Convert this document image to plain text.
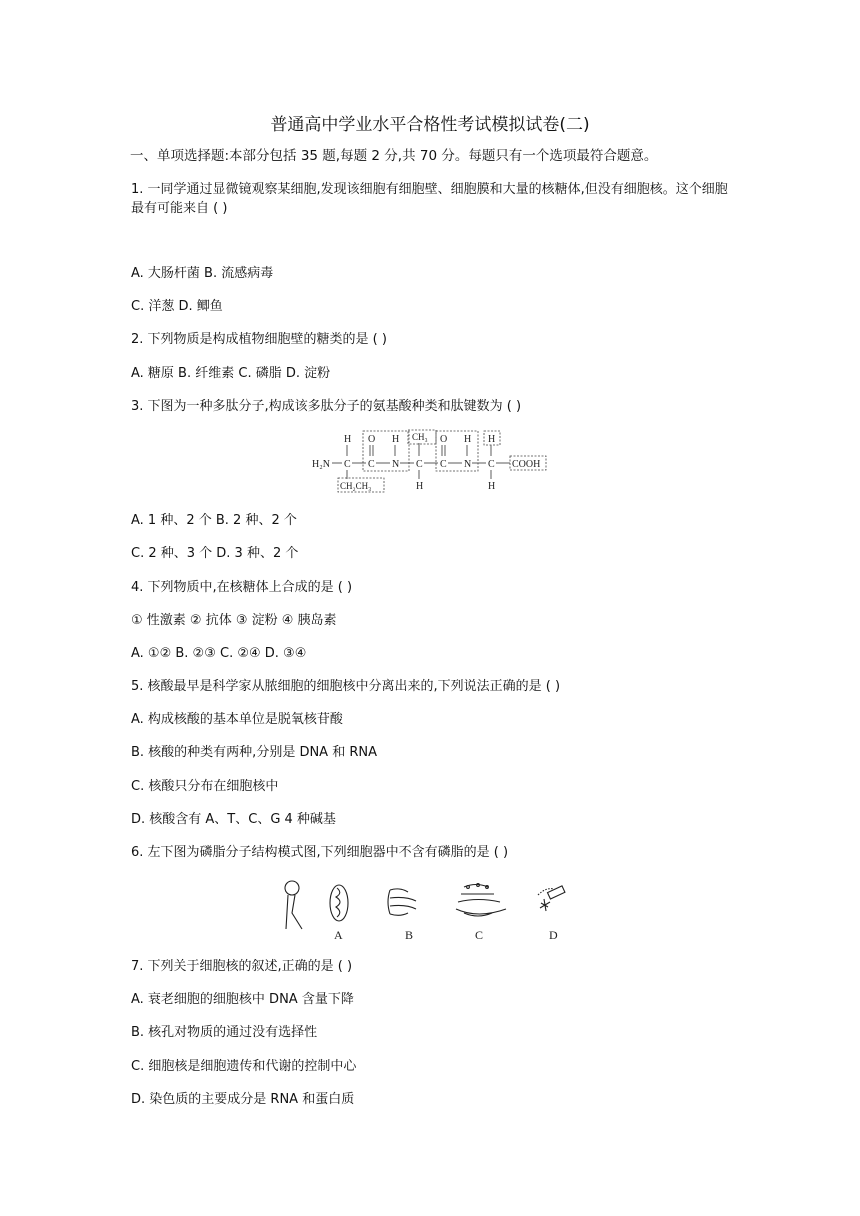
普通高中学业水平合格性考试模拟试卷(二)
一、单项选择题:本部分包括 35 题,每题 2 分,共 70 分。每题只有一个选项最符合题意。
1. 一同学通过显微镜观察某细胞,发现该细胞有细胞壁、细胞膜和大量的核糖体,但没有细胞核。这个细胞
最有可能来自 ( )
A. 大肠杆菌 B. 流感病毒
C. 洋葱 D. 鲫鱼
2. 下列物质是构成植物细胞壁的糖类的是 ( )
A. 糖原 B. 纤维素 C. 磷脂 D. 淀粉
3. 下图为一种多肽分子,构成该多肽分子的氨基酸种类和肽键数为 ( )
H₂N C C N C C N C COOH
H O H CH₃ O H H
CH₂CH₃	H	H
A. 1 种、2 个 B. 2 种、2 个
C. 2 种、3 个 D. 3 种、2 个
4. 下列物质中,在核糖体上合成的是 ( )
① 性激素 ② 抗体 ③ 淀粉 ④ 胰岛素
A. ①② B. ②③ C. ②④ D. ③④
5. 核酸最早是科学家从脓细胞的细胞核中分离出来的,下列说法正确的是 ( )
A. 构成核酸的基本单位是脱氧核苷酸
B. 核酸的种类有两种,分别是 DNA 和 RNA
C. 核酸只分布在细胞核中
D. 核酸含有 A、T、C、G 4 种碱基
6. 左下图为磷脂分子结构模式图,下列细胞器中不含有磷脂的是 ( )
A	B	C	D
7. 下列关于细胞核的叙述,正确的是 ( )
A. 衰老细胞的细胞核中 DNA 含量下降
B. 核孔对物质的通过没有选择性
C. 细胞核是细胞遗传和代谢的控制中心
D. 染色质的主要成分是 RNA 和蛋白质
